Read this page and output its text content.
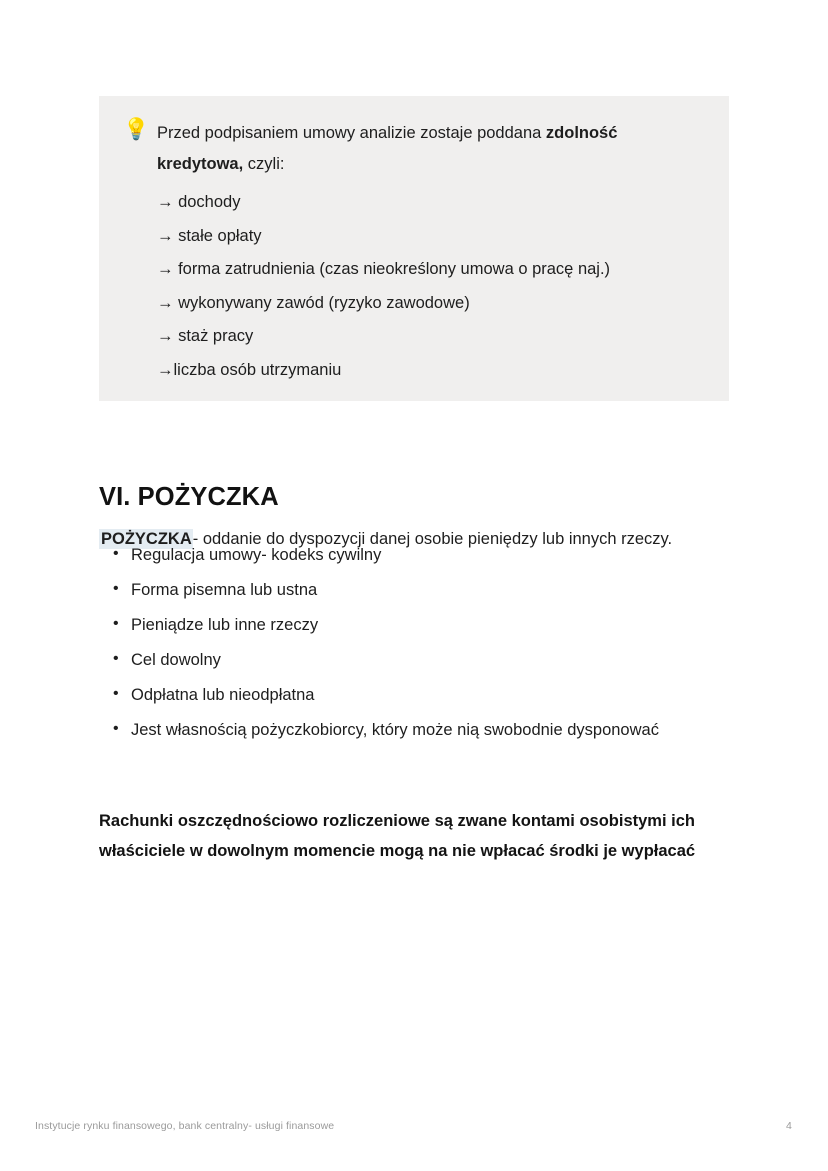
💡 Przed podpisaniem umowy analizie zostaje poddana zdolność kredytowa, czyli:
→ dochody
→ stałe opłaty
→ forma zatrudnienia (czas nieokreślony umowa o pracę naj.)
→ wykonywany zawód (ryzyko zawodowe)
→ staż pracy
→liczba osób utrzymaniu
VI. POŻYCZKA

POŻYCZKA- oddanie do dyspozycji danej osobie pieniędzy lub innych rzeczy.

• Regulacja umowy- kodeks cywilny
• Forma pisemna lub ustna
• Pieniądze lub inne rzeczy
• Cel dowolny
• Odpłatna lub nieodpłatna
• Jest własnością pożyczkobiorcy, który może nią swobodnie dysponować

Rachunki oszczędnościowo rozliczeniowe są zwane kontami osobistymi ich właściciele w dowolnym momencie mogą na nie wpłacać środki je wypłacać

Instytucje rynku finansowego, bank centralny- usługi finansowe	4
